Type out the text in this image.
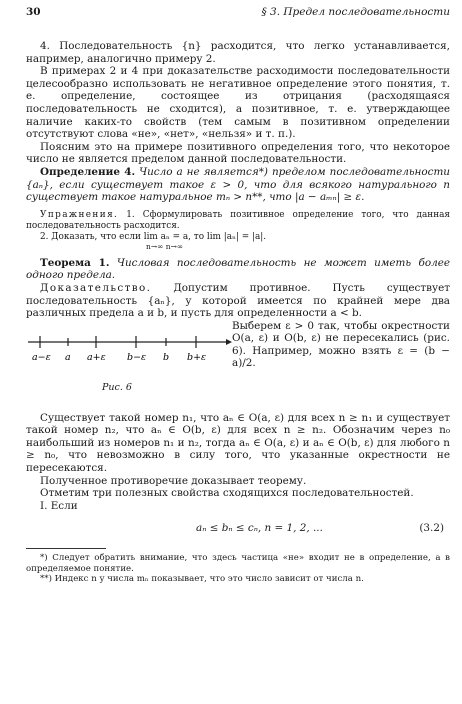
30	§ 3. Предел последовательности

4. Последовательность {n} расходится, что легко устанавливается, например, аналогично примеру 2.

В примерах 2 и 4 при доказательстве расходимости последовательности целесообразно использовать не негативное определение этого понятия, т. е. определение, состоящее из отрицания (расходящаяся последовательность не сходится), а позитивное, т. е. утверждающее наличие каких-то свойств (тем самым в позитивном определении отсутствуют слова «не», «нет», «нельзя» и т. п.).

Поясним это на примере позитивного определения того, что некоторое число не является пределом данной последовательности.

Определение 4. Число a не является*) пределом последовательности {aₙ}, если существует такое ε > 0, что для всякого натурального n существует такое натуральное mₙ > n**, что |a − aₘₙ| ≥ ε.

Упражнения. 1. Сформулировать позитивное определение того, что данная последовательность расходится.

2. Доказать, что если lim aₙ = a, то lim |aₙ| = |a|.

n→∞ n→∞

Теорема 1. Числовая последовательность не может иметь более одного предела.

Доказательство. Допустим противное. Пусть существует последовательность {aₙ}, у которой имеется по крайней мере два различных предела a и b, и пусть для определенности a < b.

a−ε a a+ε b−ε b b+ε
Рис. 6
Выберем ε > 0 так, чтобы окрестности O(a, ε) и O(b, ε) не пересекались (рис. 6). Например, можно взять ε = (b − a)/2.

Существует такой номер n₁, что aₙ ∈ O(a, ε) для всех n ≥ n₁ и существует такой номер n₂, что aₙ ∈ O(b, ε) для всех n ≥ n₂. Обозначим через n₀ наибольший из номеров n₁ и n₂, тогда aₙ ∈ O(a, ε) и aₙ ∈ O(b, ε) для любого n ≥ n₀, что невозможно в силу того, что указанные окрестности не пересекаются.

Полученное противоречие доказывает теорему.

Отметим три полезных свойства сходящихся последовательностей.

I. Если

aₙ ≤ bₙ ≤ cₙ, n = 1, 2, ...	(3.2)

*) Следует обратить внимание, что здесь частица «не» входит не в определение, а в определяемое понятие.

**) Индекс n у числа mₙ показывает, что это число зависит от числа n.
